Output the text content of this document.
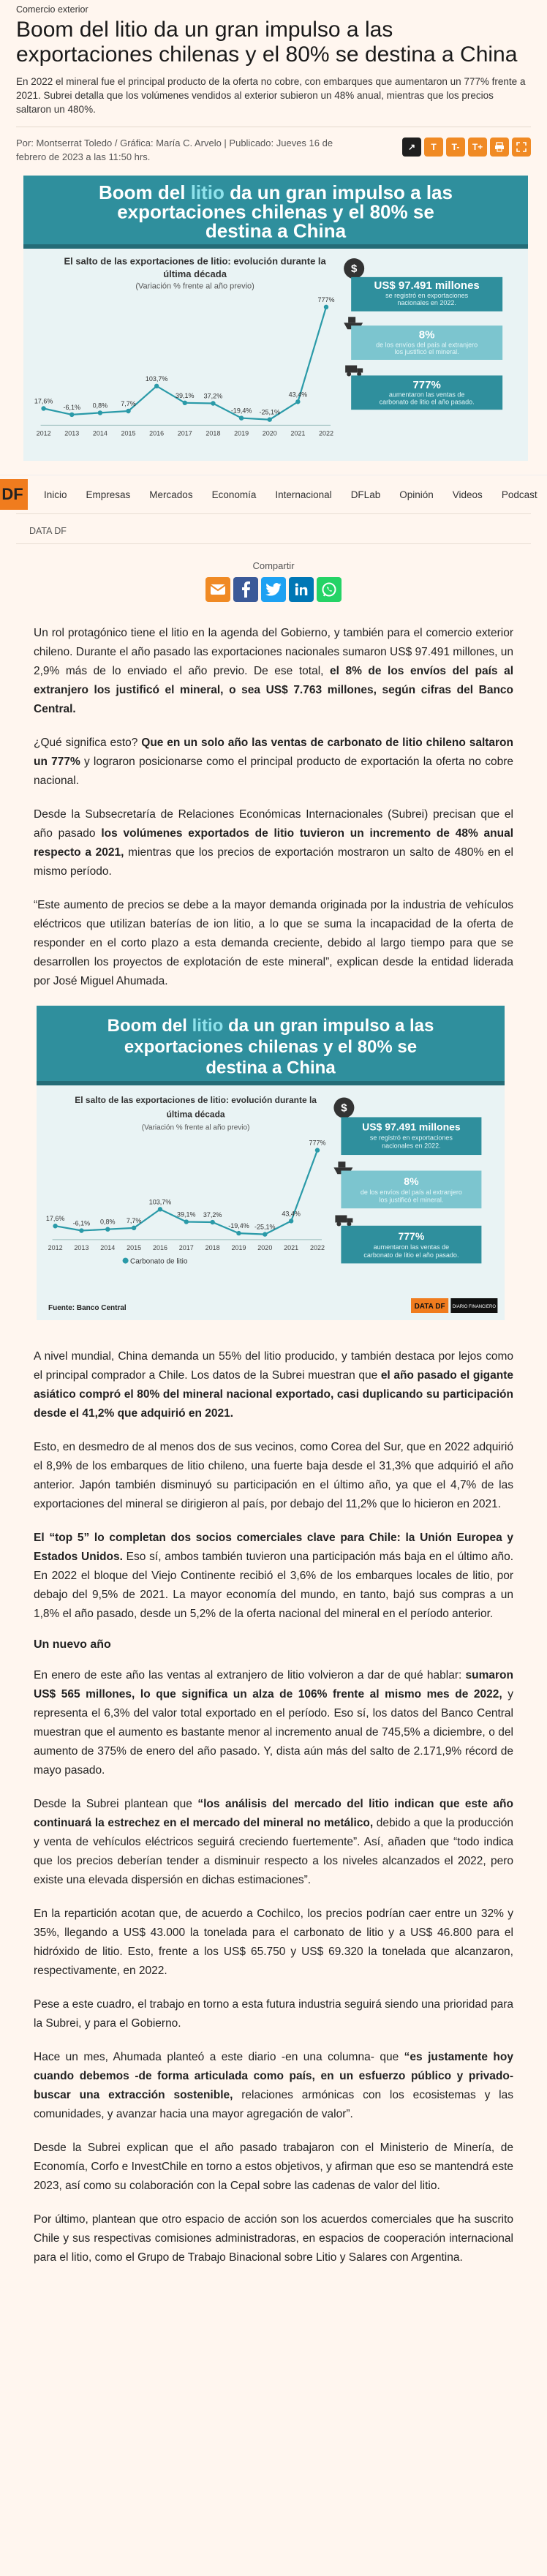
Comercio exterior
Boom del litio da un gran impulso a las exportaciones chilenas y el 80% se destina a China

En 2022 el mineral fue el principal producto de la oferta no cobre, con embarques que aumentaron un 777% frente a 2021. Subrei detalla que los volúmenes vendidos al exterior subieron un 48% anual, mientras que los precios saltaron un 480%.

Por: Montserrat Toledo / Gráfica: María C. Arvelo | Publicado: Jueves 16 de febrero de 2023 a las 11:50 hrs.
↗	T	T-	T+
Boom del litio da un gran impulso a las
exportaciones chilenas y el 80% se
destina a China
El salto de las exportaciones de litio: evolución durante la
última década
(Variación % frente al año previo)
17,6%
2012
-6,1%
2013
0,8%
2014
7,7%
2015
103,7%
2016
39,1%
2017
37,2%
2018
-19,4%
2019
-25,1%
2020
43,4%
2021
777%
2022
$
US$ 97.491 millones
se registró en exportaciones
nacionales en 2022.
8%
de los envíos del país al extranjero
los justificó el mineral.
777%
aumentaron las ventas de
carbonato de litio el año pasado.
DF	Inicio Empresas Mercados Economía Internacional DFLab Opinión Videos Podcast
DATA DF
Compartir

Un rol protagónico tiene el litio en la agenda del Gobierno, y también para el comercio exterior chileno. Durante el año pasado las exportaciones nacionales sumaron US$ 97.491 millones, un 2,9% más de lo enviado el año previo. De ese total, el 8% de los envíos del país al extranjero los justificó el mineral, o sea US$ 7.763 millones, según cifras del Banco Central.

¿Qué significa esto? Que en un solo año las ventas de carbonato de litio chileno saltaron un 777% y lograron posicionarse como el principal producto de exportación la oferta no cobre nacional.

Desde la Subsecretaría de Relaciones Económicas Internacionales (Subrei) precisan que el año pasado los volúmenes exportados de litio tuvieron un incremento de 48% anual respecto a 2021, mientras que los precios de exportación mostraron un salto de 480% en el mismo período.

“Este aumento de precios se debe a la mayor demanda originada por la industria de vehículos eléctricos que utilizan baterías de ion litio, a lo que se suma la incapacidad de la oferta de responder en el corto plazo a esta demanda creciente, debido al largo tiempo para que se desarrollen los proyectos de explotación de este mineral”, explican desde la entidad liderada por José Miguel Ahumada.

Boom del litio da un gran impulso a las
exportaciones chilenas y el 80% se
destina a China
El salto de las exportaciones de litio: evolución durante la
última década
(Variación % frente al año previo)
17,6%
2012
-6,1%
2013
0,8%
2014
7,7%
2015
103,7%
2016
39,1%
2017
37,2%
2018
-19,4%
2019
-25,1%
2020
43,4%
2021
777%
2022
$
US$ 97.491 millones
se registró en exportaciones
nacionales en 2022.
8%
de los envíos del país al extranjero
los justificó el mineral.
777%
aumentaron las ventas de
carbonato de litio el año pasado.
Carbonato de litio
Fuente: Banco Central	DATA DF DIARIO FINANCIERO

A nivel mundial, China demanda un 55% del litio producido, y también destaca por lejos como el principal comprador a Chile. Los datos de la Subrei muestran que el año pasado el gigante asiático compró el 80% del mineral nacional exportado, casi duplicando su participación desde el 41,2% que adquirió en 2021.

Esto, en desmedro de al menos dos de sus vecinos, como Corea del Sur, que en 2022 adquirió el 8,9% de los embarques de litio chileno, una fuerte baja desde el 31,3% que adquirió el año anterior. Japón también disminuyó su participación en el último año, ya que el 4,7% de las exportaciones del mineral se dirigieron al país, por debajo del 11,2% que lo hicieron en 2021.

El “top 5” lo completan dos socios comerciales clave para Chile: la Unión Europea y Estados Unidos. Eso sí, ambos también tuvieron una participación más baja en el último año. En 2022 el bloque del Viejo Continente recibió el 3,6% de los embarques locales de litio, por debajo del 9,5% de 2021. La mayor economía del mundo, en tanto, bajó sus compras a un 1,8% el año pasado, desde un 5,2% de la oferta nacional del mineral en el período anterior.

Un nuevo año

En enero de este año las ventas al extranjero de litio volvieron a dar de qué hablar: sumaron US$ 565 millones, lo que significa un alza de 106% frente al mismo mes de 2022, y representa el 6,3% del valor total exportado en el período. Eso sí, los datos del Banco Central muestran que el aumento es bastante menor al incremento anual de 745,5% a diciembre, o del aumento de 375% de enero del año pasado. Y, dista aún más del salto de 2.171,9% récord de mayo pasado.

Desde la Subrei plantean que “los análisis del mercado del litio indican que este año continuará la estrechez en el mercado del mineral no metálico, debido a que la producción y venta de vehículos eléctricos seguirá creciendo fuertemente”. Así, añaden que “todo indica que los precios deberían tender a disminuir respecto a los niveles alcanzados el 2022, pero existe una elevada dispersión en dichas estimaciones”.

En la repartición acotan que, de acuerdo a Cochilco, los precios podrían caer entre un 32% y 35%, llegando a US$ 43.000 la tonelada para el carbonato de litio y a US$ 46.800 para el hidróxido de litio. Esto, frente a los US$ 65.750 y US$ 69.320 la tonelada que alcanzaron, respectivamente, en 2022.

Pese a este cuadro, el trabajo en torno a esta futura industria seguirá siendo una prioridad para la Subrei, y para el Gobierno.

Hace un mes, Ahumada planteó a este diario -en una columna- que “es justamente hoy cuando debemos -de forma articulada como país, en un esfuerzo público y privado- buscar una extracción sostenible, relaciones armónicas con los ecosistemas y las comunidades, y avanzar hacia una mayor agregación de valor”.

Desde la Subrei explican que el año pasado trabajaron con el Ministerio de Minería, de Economía, Corfo e InvestChile en torno a estos objetivos, y afirman que eso se mantendrá este 2023, así como su colaboración con la Cepal sobre las cadenas de valor del litio.

Por último, plantean que otro espacio de acción son los acuerdos comerciales que ha suscrito Chile y sus respectivas comisiones administradoras, en espacios de cooperación internacional para el litio, como el Grupo de Trabajo Binacional sobre Litio y Salares con Argentina.
